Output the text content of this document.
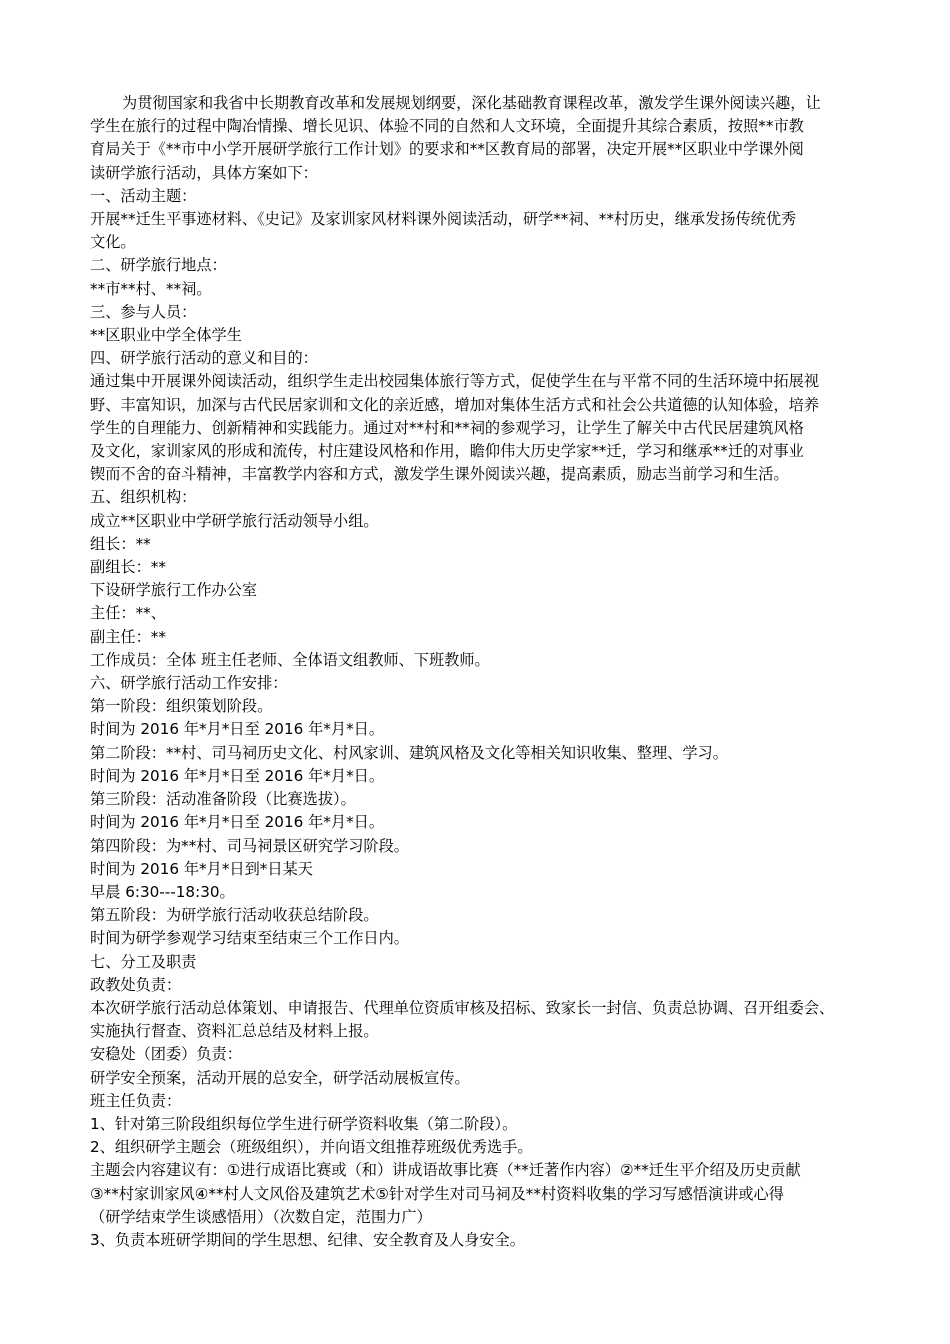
为贯彻国家和我省中长期教育改革和发展规划纲要，深化基础教育课程改革，激发学生课外阅读兴趣，让
学生在旅行的过程中陶冶情操、增长见识、体验不同的自然和人文环境，全面提升其综合素质，按照**市教
育局关于《**市中小学开展研学旅行工作计划》的要求和**区教育局的部署，决定开展**区职业中学课外阅
读研学旅行活动，具体方案如下：
一、活动主题：
开展**迁生平事迹材料、《史记》及家训家风材料课外阅读活动，研学**祠、**村历史，继承发扬传统优秀
文化。
二、研学旅行地点：
**市**村、**祠。
三、参与人员：
**区职业中学全体学生
四、研学旅行活动的意义和目的：
通过集中开展课外阅读活动，组织学生走出校园集体旅行等方式，促使学生在与平常不同的生活环境中拓展视
野、丰富知识，加深与古代民居家训和文化的亲近感，增加对集体生活方式和社会公共道德的认知体验，培养
学生的自理能力、创新精神和实践能力。通过对**村和**祠的参观学习，让学生了解关中古代民居建筑风格
及文化，家训家风的形成和流传，村庄建设风格和作用，瞻仰伟大历史学家**迁，学习和继承**迁的对事业
锲而不舍的奋斗精神，丰富教学内容和方式，激发学生课外阅读兴趣，提高素质，励志当前学习和生活。
五、组织机构：
成立**区职业中学研学旅行活动领导小组。
组长：**
副组长：**
下设研学旅行工作办公室
主任：**、
副主任：**
工作成员：全体 班主任老师、全体语文组教师、下班教师。
六、研学旅行活动工作安排：
第一阶段：组织策划阶段。
时间为 2016 年*月*日至 2016 年*月*日。
第二阶段：**村、司马祠历史文化、村风家训、建筑风格及文化等相关知识收集、整理、学习。
时间为 2016 年*月*日至 2016 年*月*日。
第三阶段：活动准备阶段（比赛选拔）。
时间为 2016 年*月*日至 2016 年*月*日。
第四阶段：为**村、司马祠景区研究学习阶段。
时间为 2016 年*月*日到*日某天
早晨 6:30---18:30。
第五阶段：为研学旅行活动收获总结阶段。
时间为研学参观学习结束至结束三个工作日内。
七、分工及职责
政教处负责：
本次研学旅行活动总体策划、申请报告、代理单位资质审核及招标、致家长一封信、负责总协调、召开组委会、
实施执行督查、资料汇总总结及材料上报。
安稳处（团委）负责：
研学安全预案，活动开展的总安全，研学活动展板宣传。
班主任负责：
1、针对第三阶段组织每位学生进行研学资料收集（第二阶段）。
2、组织研学主题会（班级组织），并向语文组推荐班级优秀选手。
主题会内容建议有：①进行成语比赛或（和）讲成语故事比赛（**迁著作内容）②**迁生平介绍及历史贡献
③**村家训家风④**村人文风俗及建筑艺术⑤针对学生对司马祠及**村资料收集的学习写感悟演讲或心得
（研学结束学生谈感悟用）（次数自定，范围力广）
3、负责本班研学期间的学生思想、纪律、安全教育及人身安全。
